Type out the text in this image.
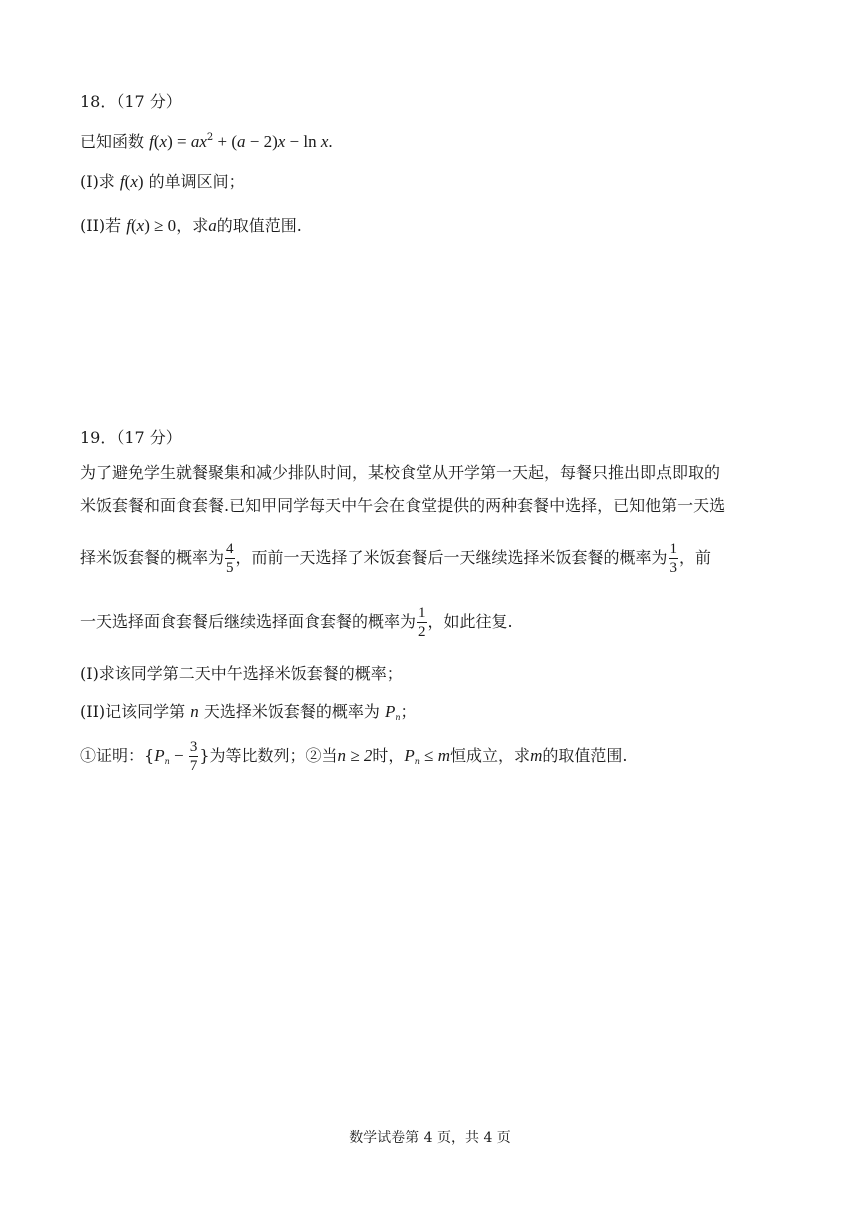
18．（17 分）
已知函数 $f(x) = ax^2 + (a - 2)x - \ln x$.
(I)求 f(x) 的单调区间；
(II)若 f(x) ≥ 0，求a的取值范围.
19．（17 分）
为了避免学生就餐聚集和减少排队时间，某校食堂从开学第一天起，每餐只推出即点即取的
米饭套餐和面食套餐.已知甲同学每天中午会在食堂提供的两种套餐中选择，已知他第一天选
择米饭套餐的概率为 $\frac{4}{5}$ ，而前一天选择了米饭套餐后一天继续选择米饭套餐的概率为 $\frac{1}{3}$ ，前
一天选择面食套餐后继续选择面食套餐的概率为 $\frac{1}{2}$ ，如此往复.
(I)求该同学第二天中午选择米饭套餐的概率；
(II)记该同学第 n 天选择米饭套餐的概率为 $P_n$；
①证明：{$P_n - \frac{3}{7}$ }为等比数列；②当n ≥ 2时，$P_n \le m$恒成立，求m的取值范围.
数学试卷第 4 页，共 4 页
